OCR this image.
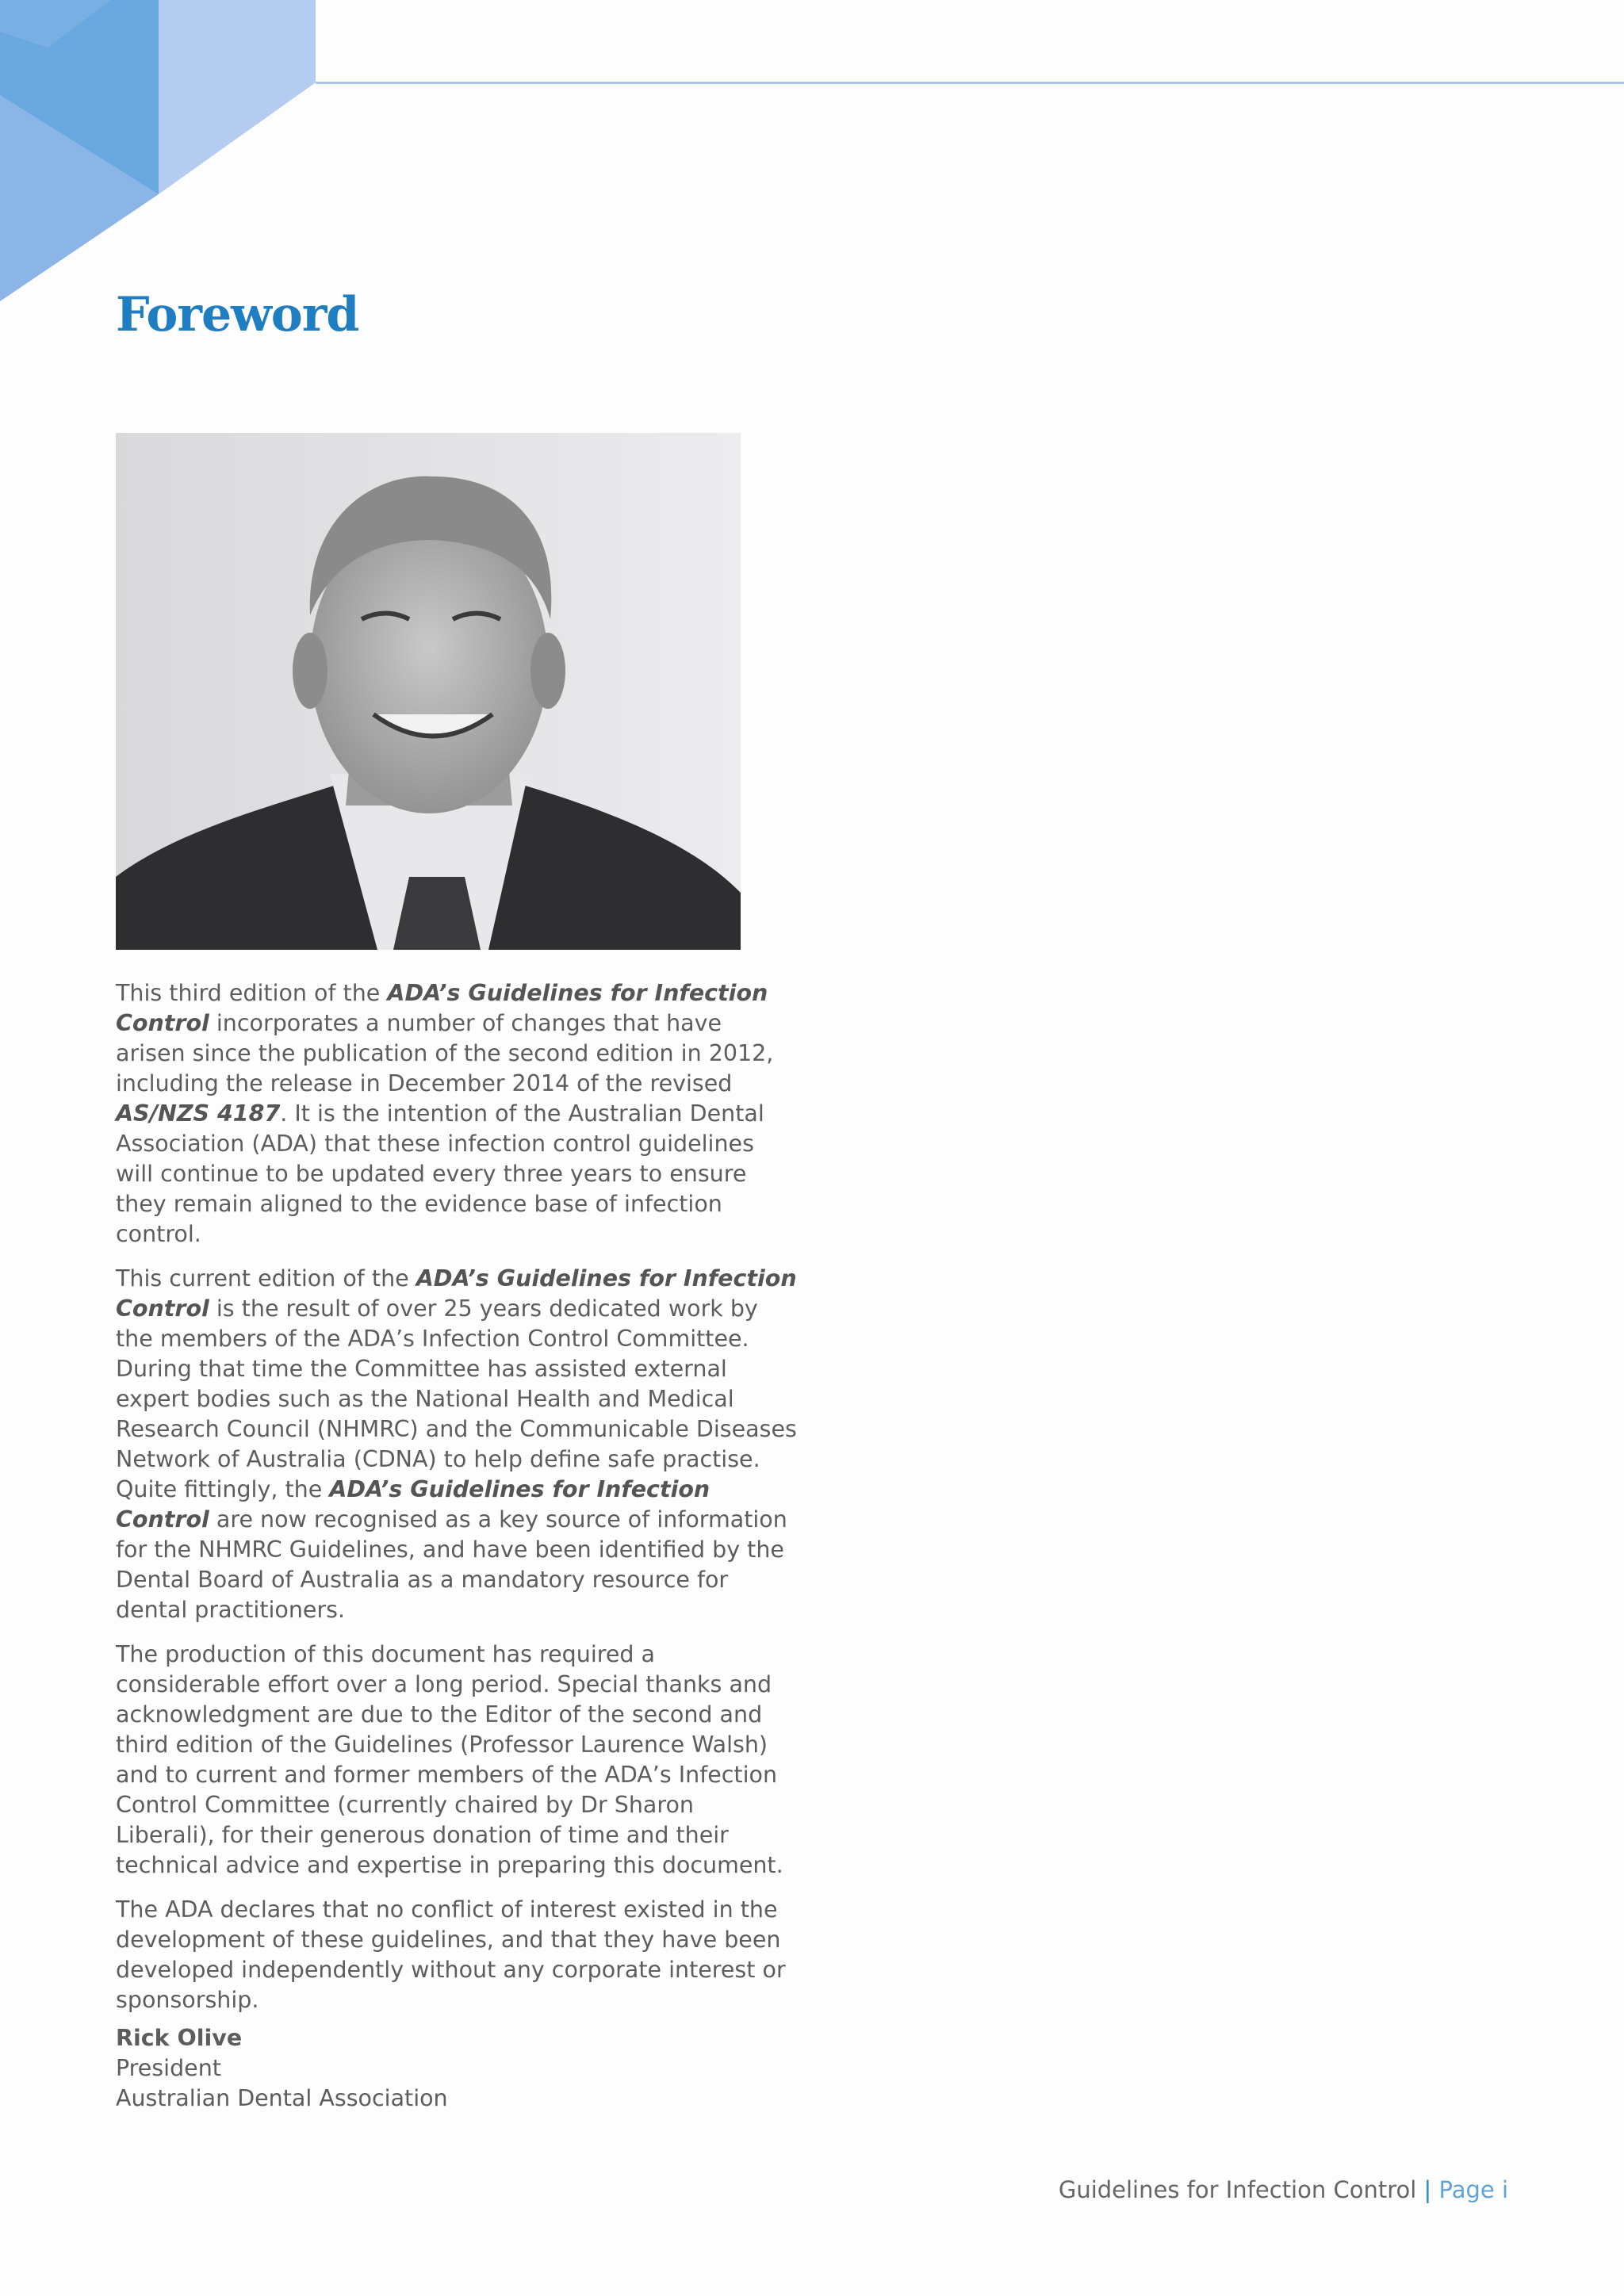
Foreword

This third edition of the ADA’s Guidelines for Infection Control incorporates a number of changes that have arisen since the publication of the second edition in 2012, including the release in December 2014 of the revised AS/NZS 4187. It is the intention of the Australian Dental Association (ADA) that these infection control guidelines will continue to be updated every three years to ensure they remain aligned to the evidence base of infection control.

This current edition of the ADA’s Guidelines for Infection Control is the result of over 25 years dedicated work by the members of the ADA’s Infection Control Committee. During that time the Committee has assisted external expert bodies such as the National Health and Medical Research Council (NHMRC) and the Communicable Diseases Network of Australia (CDNA) to help define safe practise. Quite fittingly, the ADA’s Guidelines for Infection Control are now recognised as a key source of information for the NHMRC Guidelines, and have been identified by the Dental Board of Australia as a mandatory resource for dental practitioners.

The production of this document has required a considerable effort over a long period. Special thanks and acknowledgment are due to the Editor of the second and third edition of the Guidelines (Professor Laurence Walsh) and to current and former members of the ADA’s Infection Control Committee (currently chaired by Dr Sharon Liberali), for their generous donation of time and their technical advice and expertise in preparing this document.

The ADA declares that no conflict of interest existed in the development of these guidelines, and that they have been developed independently without any corporate interest or sponsorship.

Rick Olive
President
Australian Dental Association
Guidelines for Infection Control | Page i
